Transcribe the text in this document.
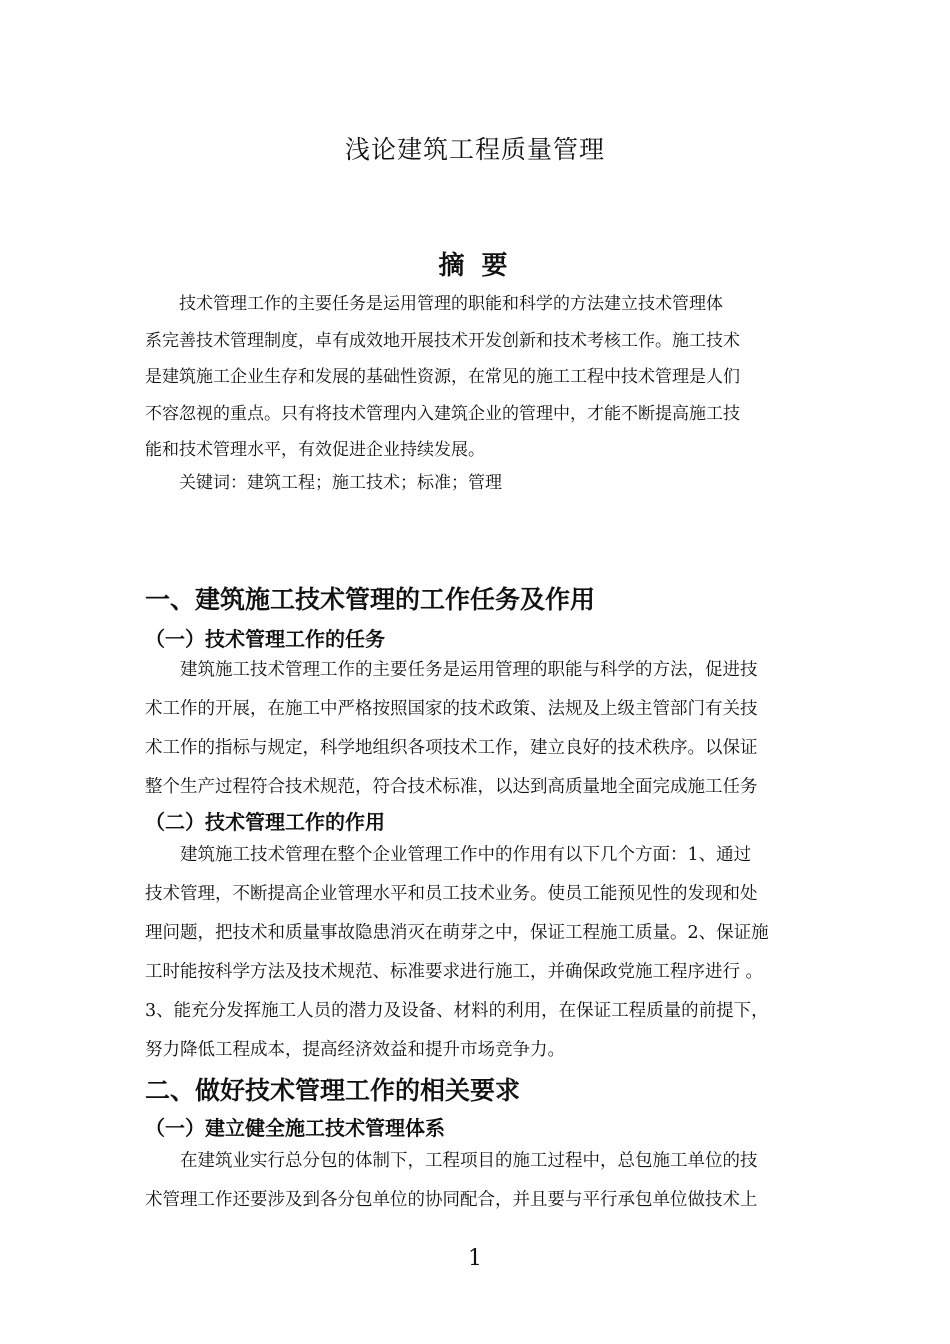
浅论建筑工程质量管理
摘 要

　　技术管理工作的主要任务是运用管理的职能和科学的方法建立技术管理体
系完善技术管理制度，卓有成效地开展技术开发创新和技术考核工作。施工技术
是建筑施工企业生存和发展的基础性资源，在常见的施工工程中技术管理是人们
不容忽视的重点。只有将技术管理内入建筑企业的管理中，才能不断提高施工技
能和技术管理水平，有效促进企业持续发展。

关键词：建筑工程；施工技术；标准；管理

一、建筑施工技术管理的工作任务及作用
（一）技术管理工作的任务

　　建筑施工技术管理工作的主要任务是运用管理的职能与科学的方法，促进技
术工作的开展，在施工中严格按照国家的技术政策、法规及上级主管部门有关技
术工作的指标与规定，科学地组织各项技术工作，建立良好的技术秩序。以保证
整个生产过程符合技术规范，符合技术标准，以达到高质量地全面完成施工任务

（二）技术管理工作的作用

　　建筑施工技术管理在整个企业管理工作中的作用有以下几个方面：1、通过
技术管理，不断提高企业管理水平和员工技术业务。使员工能预见性的发现和处
理问题，把技术和质量事故隐患消灭在萌芽之中，保证工程施工质量。2、保证施
工时能按科学方法及技术规范、标准要求进行施工，并确保政党施工程序进行 。
3、能充分发挥施工人员的潜力及设备、材料的利用，在保证工程质量的前提下，
努力降低工程成本，提高经济效益和提升市场竞争力。

二、做好技术管理工作的相关要求
（一）建立健全施工技术管理体系

　　在建筑业实行总分包的体制下，工程项目的施工过程中，总包施工单位的技
术管理工作还要涉及到各分包单位的协同配合，并且要与平行承包单位做技术上

1
